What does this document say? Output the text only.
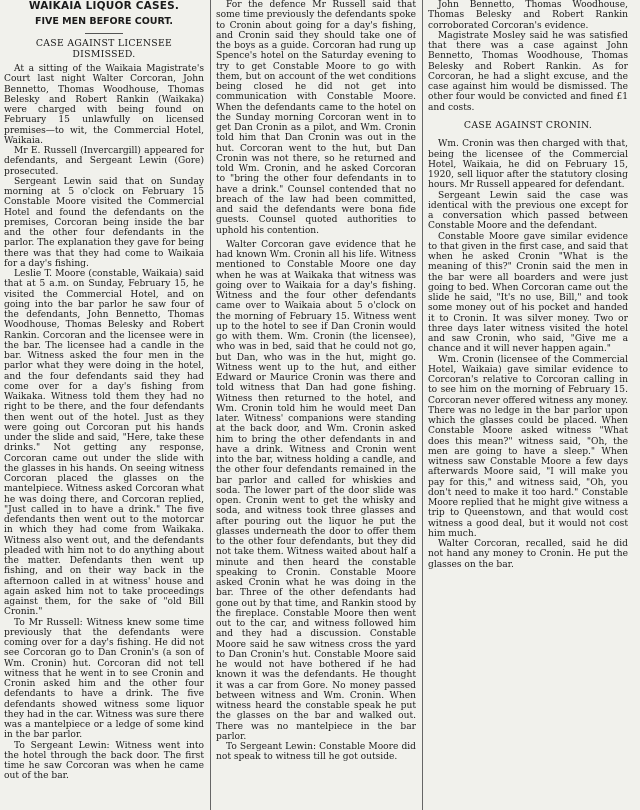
WAIKAIA LIQUOR CASES.

FIVE MEN BEFORE COURT.

CASE AGAINST LICENSEE DISMISSED.

At a sitting of the Waikaia Magistrate's Court last night Walter Corcoran, John Bennetto, Thomas Woodhouse, Thomas Belesky and Robert Rankin (Waikaka) were charged with being found on February 15 unlawfully on licensed premises—to wit, the Commercial Hotel, Waikaia.

Mr E. Russell (Invercargill) appeared for defendants, and Sergeant Lewin (Gore) prosecuted.

Sergeant Lewin said that on Sunday morning at 5 o'clock on February 15 Constable Moore visited the Commercial Hotel and found the defendants on the premises, Corcoran being inside the bar and the other four defendants in the parlor. The explanation they gave for being there was that they had come to Waikaia for a day's fishing.

Leslie T. Moore (constable, Waikaia) said that at 5 a.m. on Sunday, February 15, he visited the Commercial Hotel, and on going into the bar parlor he saw four of the defendants, John Bennetto, Thomas Woodhouse, Thomas Belesky and Robert Rankin. Corcoran and the licensee were in the bar. The licensee had a candle in the bar. Witness asked the four men in the parlor what they were doing in the hotel, and the four defendants said they had come over for a day's fishing from Waikaka. Witness told them they had no right to be there, and the four defendants then went out of the hotel. Just as they were going out Corcoran put his hands under the slide and said, "Here, take these drinks." Not getting any response, Corcoran came out under the slide with the glasses in his hands. On seeing witness Corcoran placed the glasses on the mantelpiece. Witness asked Corcoran what he was doing there, and Corcoran replied, "Just called in to have a drink." The five defendants then went out to the motorcar in which they had come from Waikaka. Witness also went out, and the defendants pleaded with him not to do anything about the matter. Defendants then went up fishing, and on their way back in the afternoon called in at witness' house and again asked him not to take proceedings against them, for the sake of "old Bill Cronin."

To Mr Russell: Witness knew some time previously that the defendants were coming over for a day's fishing. He did not see Corcoran go to Dan Cronin's (a son of Wm. Cronin) hut. Corcoran did not tell witness that he went in to see Cronin and Cronin asked him and the other four defendants to have a drink. The five defendants showed witness some liquor they had in the car. Witness was sure there was a mantelpiece or a ledge of some kind in the bar parlor.

To Sergeant Lewin: Witness went into the hotel through the back door. The first time he saw Corcoran was when he came out of the bar.

For the defence Mr Russell said that some time previously the defendants spoke to Cronin about going for a day's fishing, and Cronin said they should take one of the boys as a guide. Corcoran had rung up Spence's hotel on the Saturday evening to try to get Constable Moore to go with them, but on account of the wet conditions being closed he did not get into communication with Constable Moore. When the defendants came to the hotel on the Sunday morning Corcoran went in to get Dan Cronin as a pilot, and Wm. Cronin told him that Dan Cronin was out in the hut. Corcoran went to the hut, but Dan Cronin was not there, so he returned and told Wm. Cronin, and he asked Corcoran to "bring the other four defendants in to have a drink." Counsel contended that no breach of the law had been committed, and said the defendants were bona fide guests. Counsel quoted authorities to uphold his contention.

Walter Corcoran gave evidence that he had known Wm. Cronin all his life. Witness mentioned to Constable Moore one day when he was at Waikaka that witness was going over to Waikaia for a day's fishing. Witness and the four other defendants came over to Waikaia about 5 o'clock on the morning of February 15. Witness went up to the hotel to see if Dan Cronin would go with them. Wm. Cronin (the licensee), who was in bed, said that he could not go, but Dan, who was in the hut, might go. Witness went up to the hut, and either Edward or Maurice Cronin was there and told witness that Dan had gone fishing. Witness then returned to the hotel, and Wm. Cronin told him he would meet Dan later. Witness' companions were standing at the back door, and Wm. Cronin asked him to bring the other defendants in and have a drink. Witness and Cronin went into the bar, witness holding a candle, and the other four defendants remained in the bar parlor and called for whiskies and soda. The lower part of the door slide was open. Cronin went to get the whisky and soda, and witness took three glasses and after pouring out the liquor he put the glasses underneath the door to offer them to the other four defendants, but they did not take them. Witness waited about half a minute and then heard the constable speaking to Cronin. Constable Moore asked Cronin what he was doing in the bar. Three of the other defendants had gone out by that time, and Rankin stood by the fireplace. Constable Moore then went out to the car, and witness followed him and they had a discussion. Constable Moore said he saw witness cross the yard to Dan Cronin's hut. Constable Moore said he would not have bothered if he had known it was the defendants. He thought it was a car from Gore. No money passed between witness and Wm. Cronin. When witness heard the constable speak he put the glasses on the bar and walked out. There was no mantelpiece in the bar parlor.

To Sergeant Lewin: Constable Moore did not speak to witness till he got outside.

John Bennetto, Thomas Woodhouse, Thomas Belesky and Robert Rankin corroborated Corcoran's evidence.

Magistrate Mosley said he was satisfied that there was a case against John Bennetto, Thomas Woodhouse, Thomas Belesky and Robert Rankin. As for Corcoran, he had a slight excuse, and the case against him would be dismissed. The other four would be convicted and fined £1 and costs.

CASE AGAINST CRONIN.

Wm. Cronin was then charged with that, being the licensee of the Commercial Hotel, Waikaia, he did on February 15, 1920, sell liquor after the statutory closing hours. Mr Russell appeared for defendant.

Sergeant Lewin said the case was identical with the previous one except for a conversation which passed between Constable Moore and the defendant.

Constable Moore gave similar evidence to that given in the first case, and said that when he asked Cronin "What is the meaning of this?" Cronin said the men in the bar were all boarders and were just going to bed. When Corcoran came out the slide he said, "It's no use, Bill," and took some money out of his pocket and handed it to Cronin. It was silver money. Two or three days later witness visited the hotel and saw Cronin, who said, "Give me a chance and it will never happen again."

Wm. Cronin (licensee of the Commercial Hotel, Waikaia) gave similar evidence to Corcoran's relative to Corcoran calling in to see him on the morning of February 15. Corcoran never offered witness any money. There was no ledge in the bar parlor upon which the glasses could be placed. When Constable Moore asked witness "What does this mean?" witness said, "Oh, the men are going to have a sleep." When witness saw Constable Moore a few days afterwards Moore said, "I will make you pay for this," and witness said, "Oh, you don't need to make it too hard." Constable Moore replied that he might give witness a trip to Queenstown, and that would cost witness a good deal, but it would not cost him much.

Walter Corcoran, recalled, said he did not hand any money to Cronin. He put the glasses on the bar.
